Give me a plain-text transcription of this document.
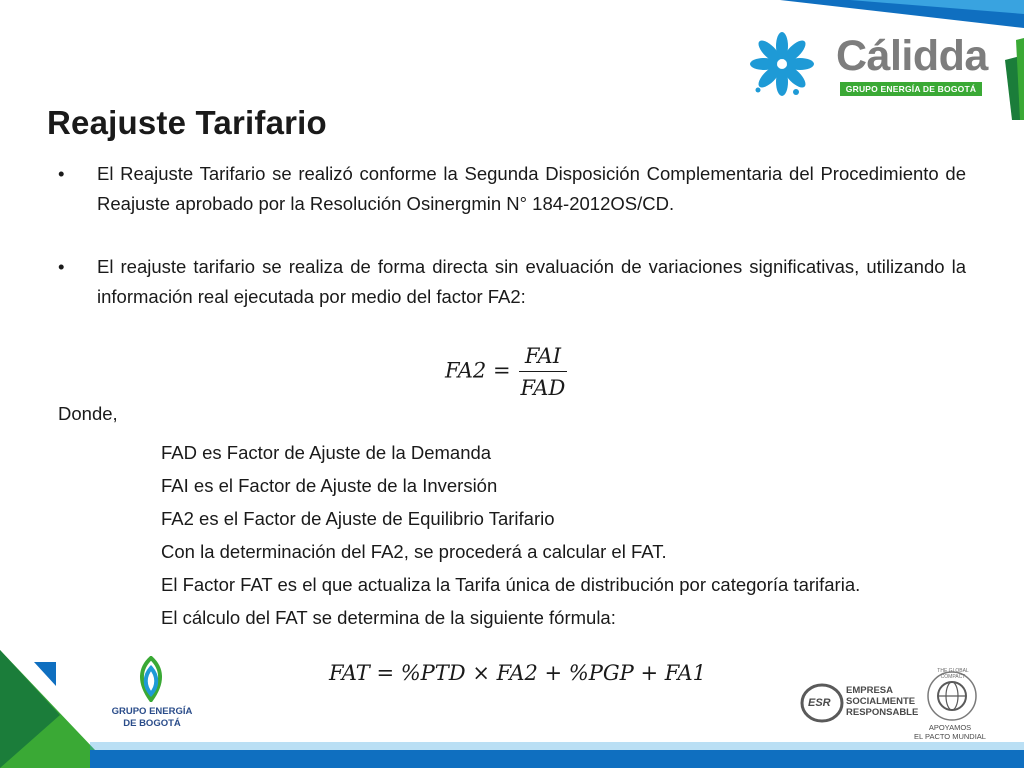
Cálidda
GRUPO ENERGÍA DE BOGOTÁ
Reajuste Tarifario
•	El Reajuste Tarifario se realizó conforme la Segunda Disposición Complementaria del Procedimiento de Reajuste aprobado por la Resolución Osinergmin N° 184-2012OS/CD.
•	El reajuste tarifario se realiza de forma directa sin evaluación de variaciones significativas, utilizando la información real ejecutada por medio del factor FA2:
$FA2 = \frac{\text{FAI}}{\text{FAD}}$
Donde,
FAD es Factor de Ajuste de la Demanda
FAI es el Factor de Ajuste de la Inversión
FA2 es el Factor de Ajuste de Equilibrio Tarifario
Con la determinación del FA2, se procederá a calcular el FAT.
El Factor FAT es el que actualiza la Tarifa única de distribución por categoría tarifaria.
El cálculo del FAT se determina de la siguiente fórmula:
FAT = %PTD × FA2 + %PGP + FA1
GRUPO ENERGÍA
DE BOGOTÁ
ESR
EMPRESA
SOCIALMENTE
RESPONSABLE
THE GLOBAL COMPACT
APOYAMOS
EL PACTO MUNDIAL
